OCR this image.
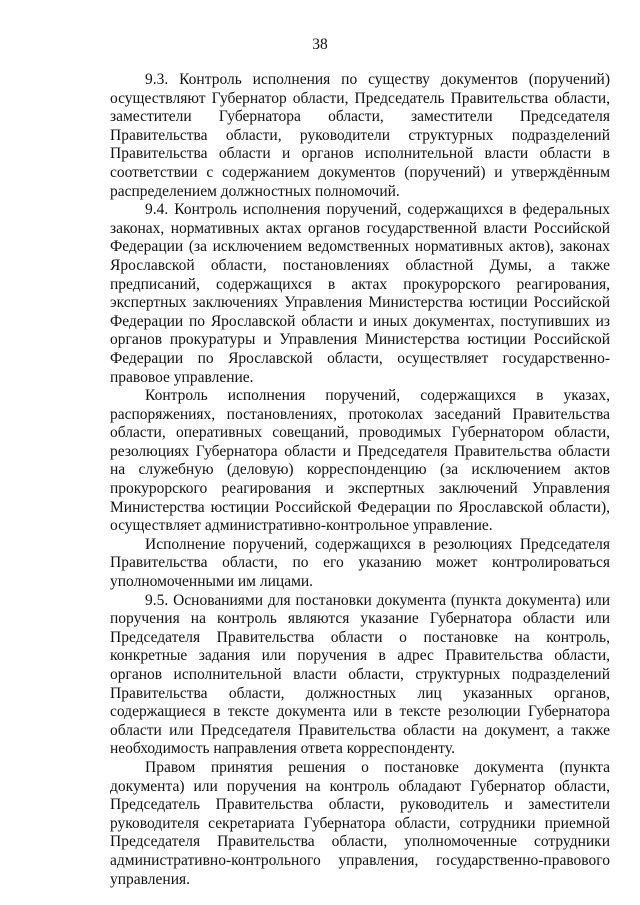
38

9.3. Контроль исполнения по существу документов (поручений) осуществляют Губернатор области, Председатель Правительства области, заместители Губернатора области, заместители Председателя Правительства области, руководители структурных подразделений Правительства области и органов исполнительной власти области в соответствии с содержанием документов (поручений) и утверждённым распределением должностных полномочий.

9.4. Контроль исполнения поручений, содержащихся в федеральных законах, нормативных актах органов государственной власти Российской Федерации (за исключением ведомственных нормативных актов), законах Ярославской области, постановлениях областной Думы, а также предписаний, содержащихся в актах прокурорского реагирования, экспертных заключениях Управления Министерства юстиции Российской Федерации по Ярославской области и иных документах, поступивших из органов прокуратуры и Управления Министерства юстиции Российской Федерации по Ярославской области, осуществляет государственно-правовое управление.

Контроль исполнения поручений, содержащихся в указах, распоряжениях, постановлениях, протоколах заседаний Правительства области, оперативных совещаний, проводимых Губернатором области, резолюциях Губернатора области и Председателя Правительства области на служебную (деловую) корреспонденцию (за исключением актов прокурорского реагирования и экспертных заключений Управления Министерства юстиции Российской Федерации по Ярославской области), осуществляет административно-контрольное управление.

Исполнение поручений, содержащихся в резолюциях Председателя Правительства области, по его указанию может контролироваться уполномоченными им лицами.

9.5. Основаниями для постановки документа (пункта документа) или поручения на контроль являются указание Губернатора области или Председателя Правительства области о постановке на контроль, конкретные задания или поручения в адрес Правительства области, органов исполнительной власти области, структурных подразделений Правительства области, должностных лиц указанных органов, содержащиеся в тексте документа или в тексте резолюции Губернатора области или Председателя Правительства области на документ, а также необходимость направления ответа корреспонденту.

Правом принятия решения о постановке документа (пункта документа) или поручения на контроль обладают Губернатор области, Председатель Правительства области, руководитель и заместители руководителя секретариата Губернатора области, сотрудники приемной Председателя Правительства области, уполномоченные сотрудники административно-контрольного управления, государственно-правового управления.
